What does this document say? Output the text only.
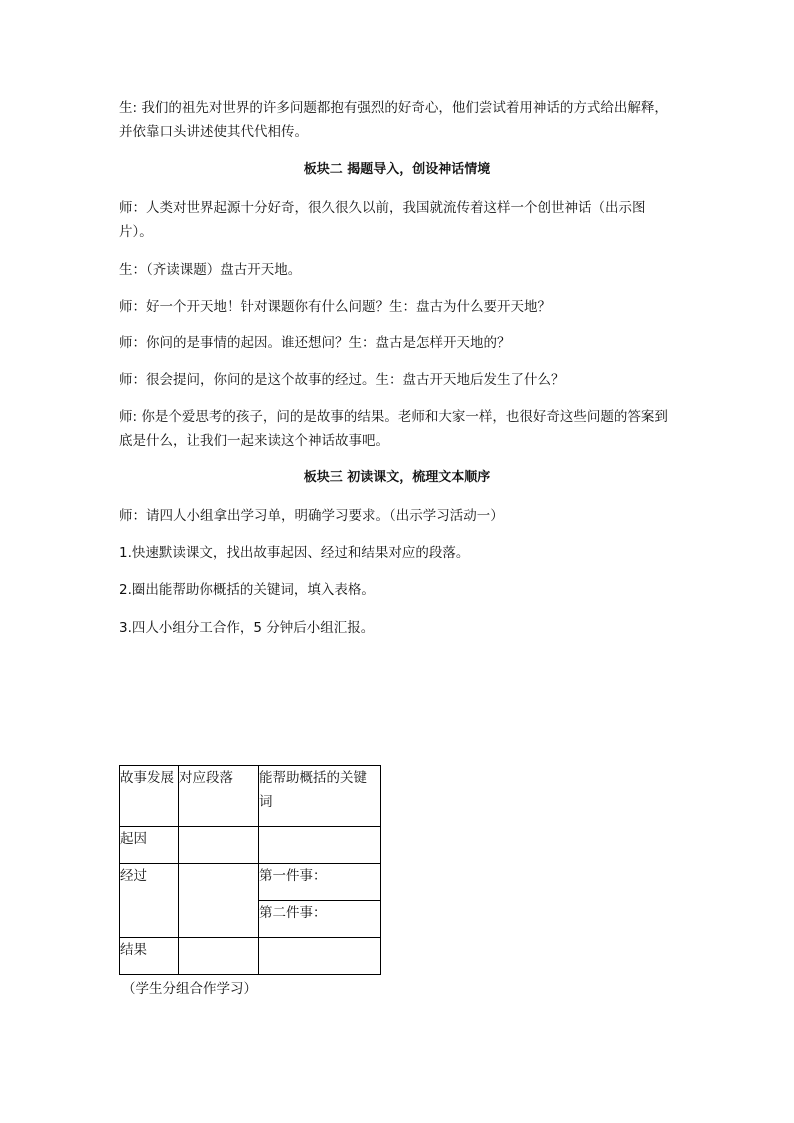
生: 我们的祖先对世界的许多问题都抱有强烈的好奇心，他们尝试着用神话的方式给出解释，并依靠口头讲述使其代代相传。

板块二 揭题导入，创设神话情境

师：人类对世界起源十分好奇，很久很久以前，我国就流传着这样一个创世神话（出示图片）。

生：（齐读课题）盘古开天地。

师：好一个开天地！针对课题你有什么问题？生：盘古为什么要开天地？

师：你问的是事情的起因。谁还想问？生：盘古是怎样开天地的？

师：很会提问，你问的是这个故事的经过。生：盘古开天地后发生了什么？

师: 你是个爱思考的孩子，问的是故事的结果。老师和大家一样，也很好奇这些问题的答案到底是什么，让我们一起来读这个神话故事吧。

板块三 初读课文，梳理文本顺序

师：请四人小组拿出学习单，明确学习要求。（出示学习活动一）

1.快速默读课文，找出故事起因、经过和结果对应的段落。

2.圈出能帮助你概括的关键词，填入表格。

3.四人小组分工合作，5 分钟后小组汇报。

故事发展	对应段落	能帮助概括的关键词
起因		
经过		第一件事：
		第二件事：
结果		

（学生分组合作学习）
